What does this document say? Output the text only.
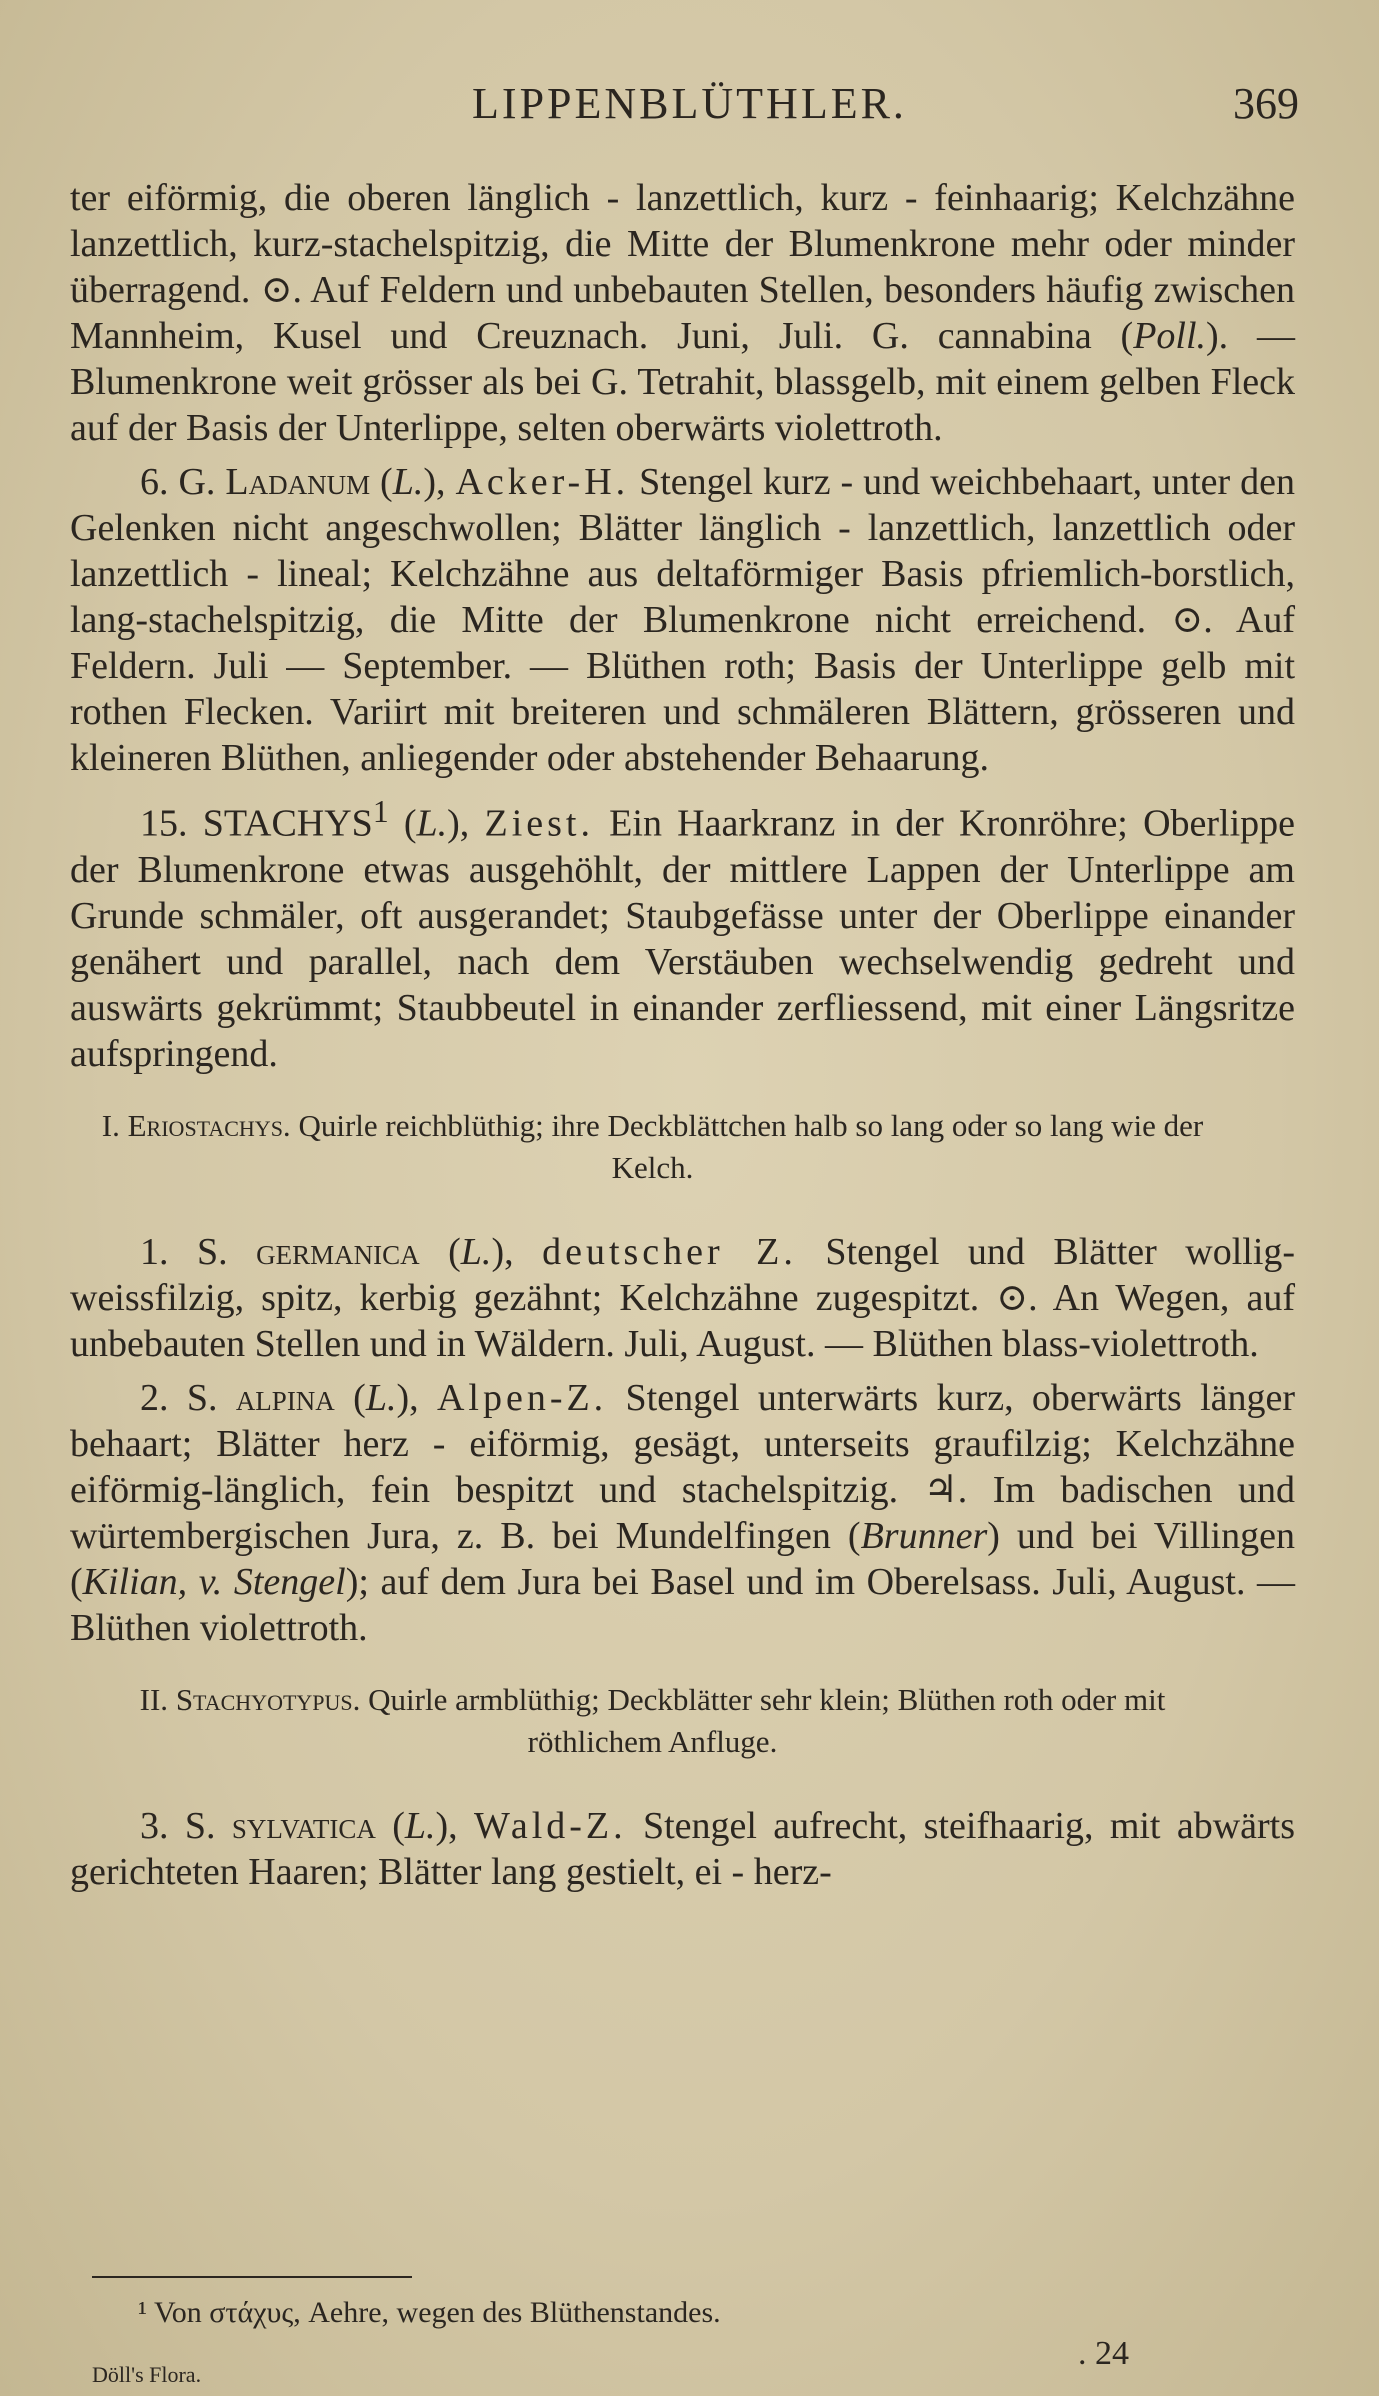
LIPPENBLÜTHLER.	369

ter eiförmig, die oberen länglich - lanzettlich, kurz - feinhaarig; Kelchzähne lanzettlich, kurz-stachelspitzig, die Mitte der Blumenkrone mehr oder minder überragend. ⊙. Auf Feldern und unbebauten Stellen, besonders häufig zwischen Mannheim, Kusel und Creuznach. Juni, Juli. G. cannabina (Poll.). — Blumenkrone weit grösser als bei G. Tetrahit, blassgelb, mit einem gelben Fleck auf der Basis der Unterlippe, selten oberwärts violettroth.

6. G. Ladanum (L.), Acker-H. Stengel kurz - und weichbehaart, unter den Gelenken nicht angeschwollen; Blätter länglich - lanzettlich, lanzettlich oder lanzettlich - lineal; Kelchzähne aus deltaförmiger Basis pfriemlich-borstlich, lang-stachelspitzig, die Mitte der Blumenkrone nicht erreichend. ⊙. Auf Feldern. Juli — September. — Blüthen roth; Basis der Unterlippe gelb mit rothen Flecken. Variirt mit breiteren und schmäleren Blättern, grösseren und kleineren Blüthen, anliegender oder abstehender Behaarung.

15. STACHYS$^1$ (L.), Ziest. Ein Haarkranz in der Kronröhre; Oberlippe der Blumenkrone etwas ausgehöhlt, der mittlere Lappen der Unterlippe am Grunde schmäler, oft ausgerandet; Staubgefässe unter der Oberlippe einander genähert und parallel, nach dem Verstäuben wechselwendig gedreht und auswärts gekrümmt; Staubbeutel in einander zerfliessend, mit einer Längsritze aufspringend.

I. Eriostachys. Quirle reichblüthig; ihre Deckblättchen halb so lang oder so lang wie der Kelch.

1. S. germanica (L.), deutscher Z. Stengel und Blätter wollig-weissfilzig, spitz, kerbig gezähnt; Kelchzähne zugespitzt. ⊙. An Wegen, auf unbebauten Stellen und in Wäldern. Juli, August. — Blüthen blass-violettroth.

2. S. alpina (L.), Alpen-Z. Stengel unterwärts kurz, oberwärts länger behaart; Blätter herz - eiförmig, gesägt, unterseits graufilzig; Kelchzähne eiförmig-länglich, fein bespitzt und stachelspitzig. ♃. Im badischen und würtembergischen Jura, z. B. bei Mundelfingen (Brunner) und bei Villingen (Kilian, v. Stengel); auf dem Jura bei Basel und im Oberelsass. Juli, August. — Blüthen violettroth.

II. Stachyotypus. Quirle armblüthig; Deckblätter sehr klein; Blüthen roth oder mit röthlichem Anfluge.

3. S. sylvatica (L.), Wald-Z. Stengel aufrecht, steifhaarig, mit abwärts gerichteten Haaren; Blätter lang gestielt, ei - herz-

¹ Von στάχυς, Aehre, wegen des Blüthenstandes.
Döll's Flora.
. 24
